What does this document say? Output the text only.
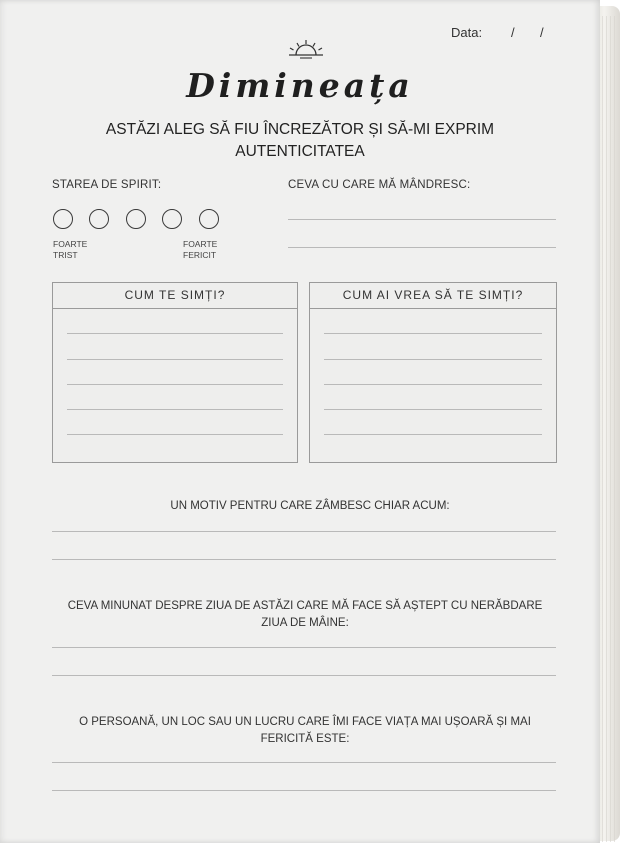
Data: / /
Dimineața
ASTĂZI ALEG SĂ FIU ÎNCREZĂTOR ȘI SĂ-MI EXPRIM AUTENTICITATEA
STAREA DE SPIRIT:
FOARTE
TRIST
FOARTE
FERICIT
CEVA CU CARE MĂ MÂNDRESC:
CUM TE SIMȚI?	CUM AI VREA SĂ TE SIMȚI?
UN MOTIV PENTRU CARE ZÂMBESC CHIAR ACUM:
CEVA MINUNAT DESPRE ZIUA DE ASTĂZI CARE MĂ FACE SĂ AȘTEPT CU NERĂBDARE ZIUA DE MÂINE:
O PERSOANĂ, UN LOC SAU UN LUCRU CARE ÎMI FACE VIAȚA MAI UȘOARĂ ȘI MAI FERICITĂ ESTE:
